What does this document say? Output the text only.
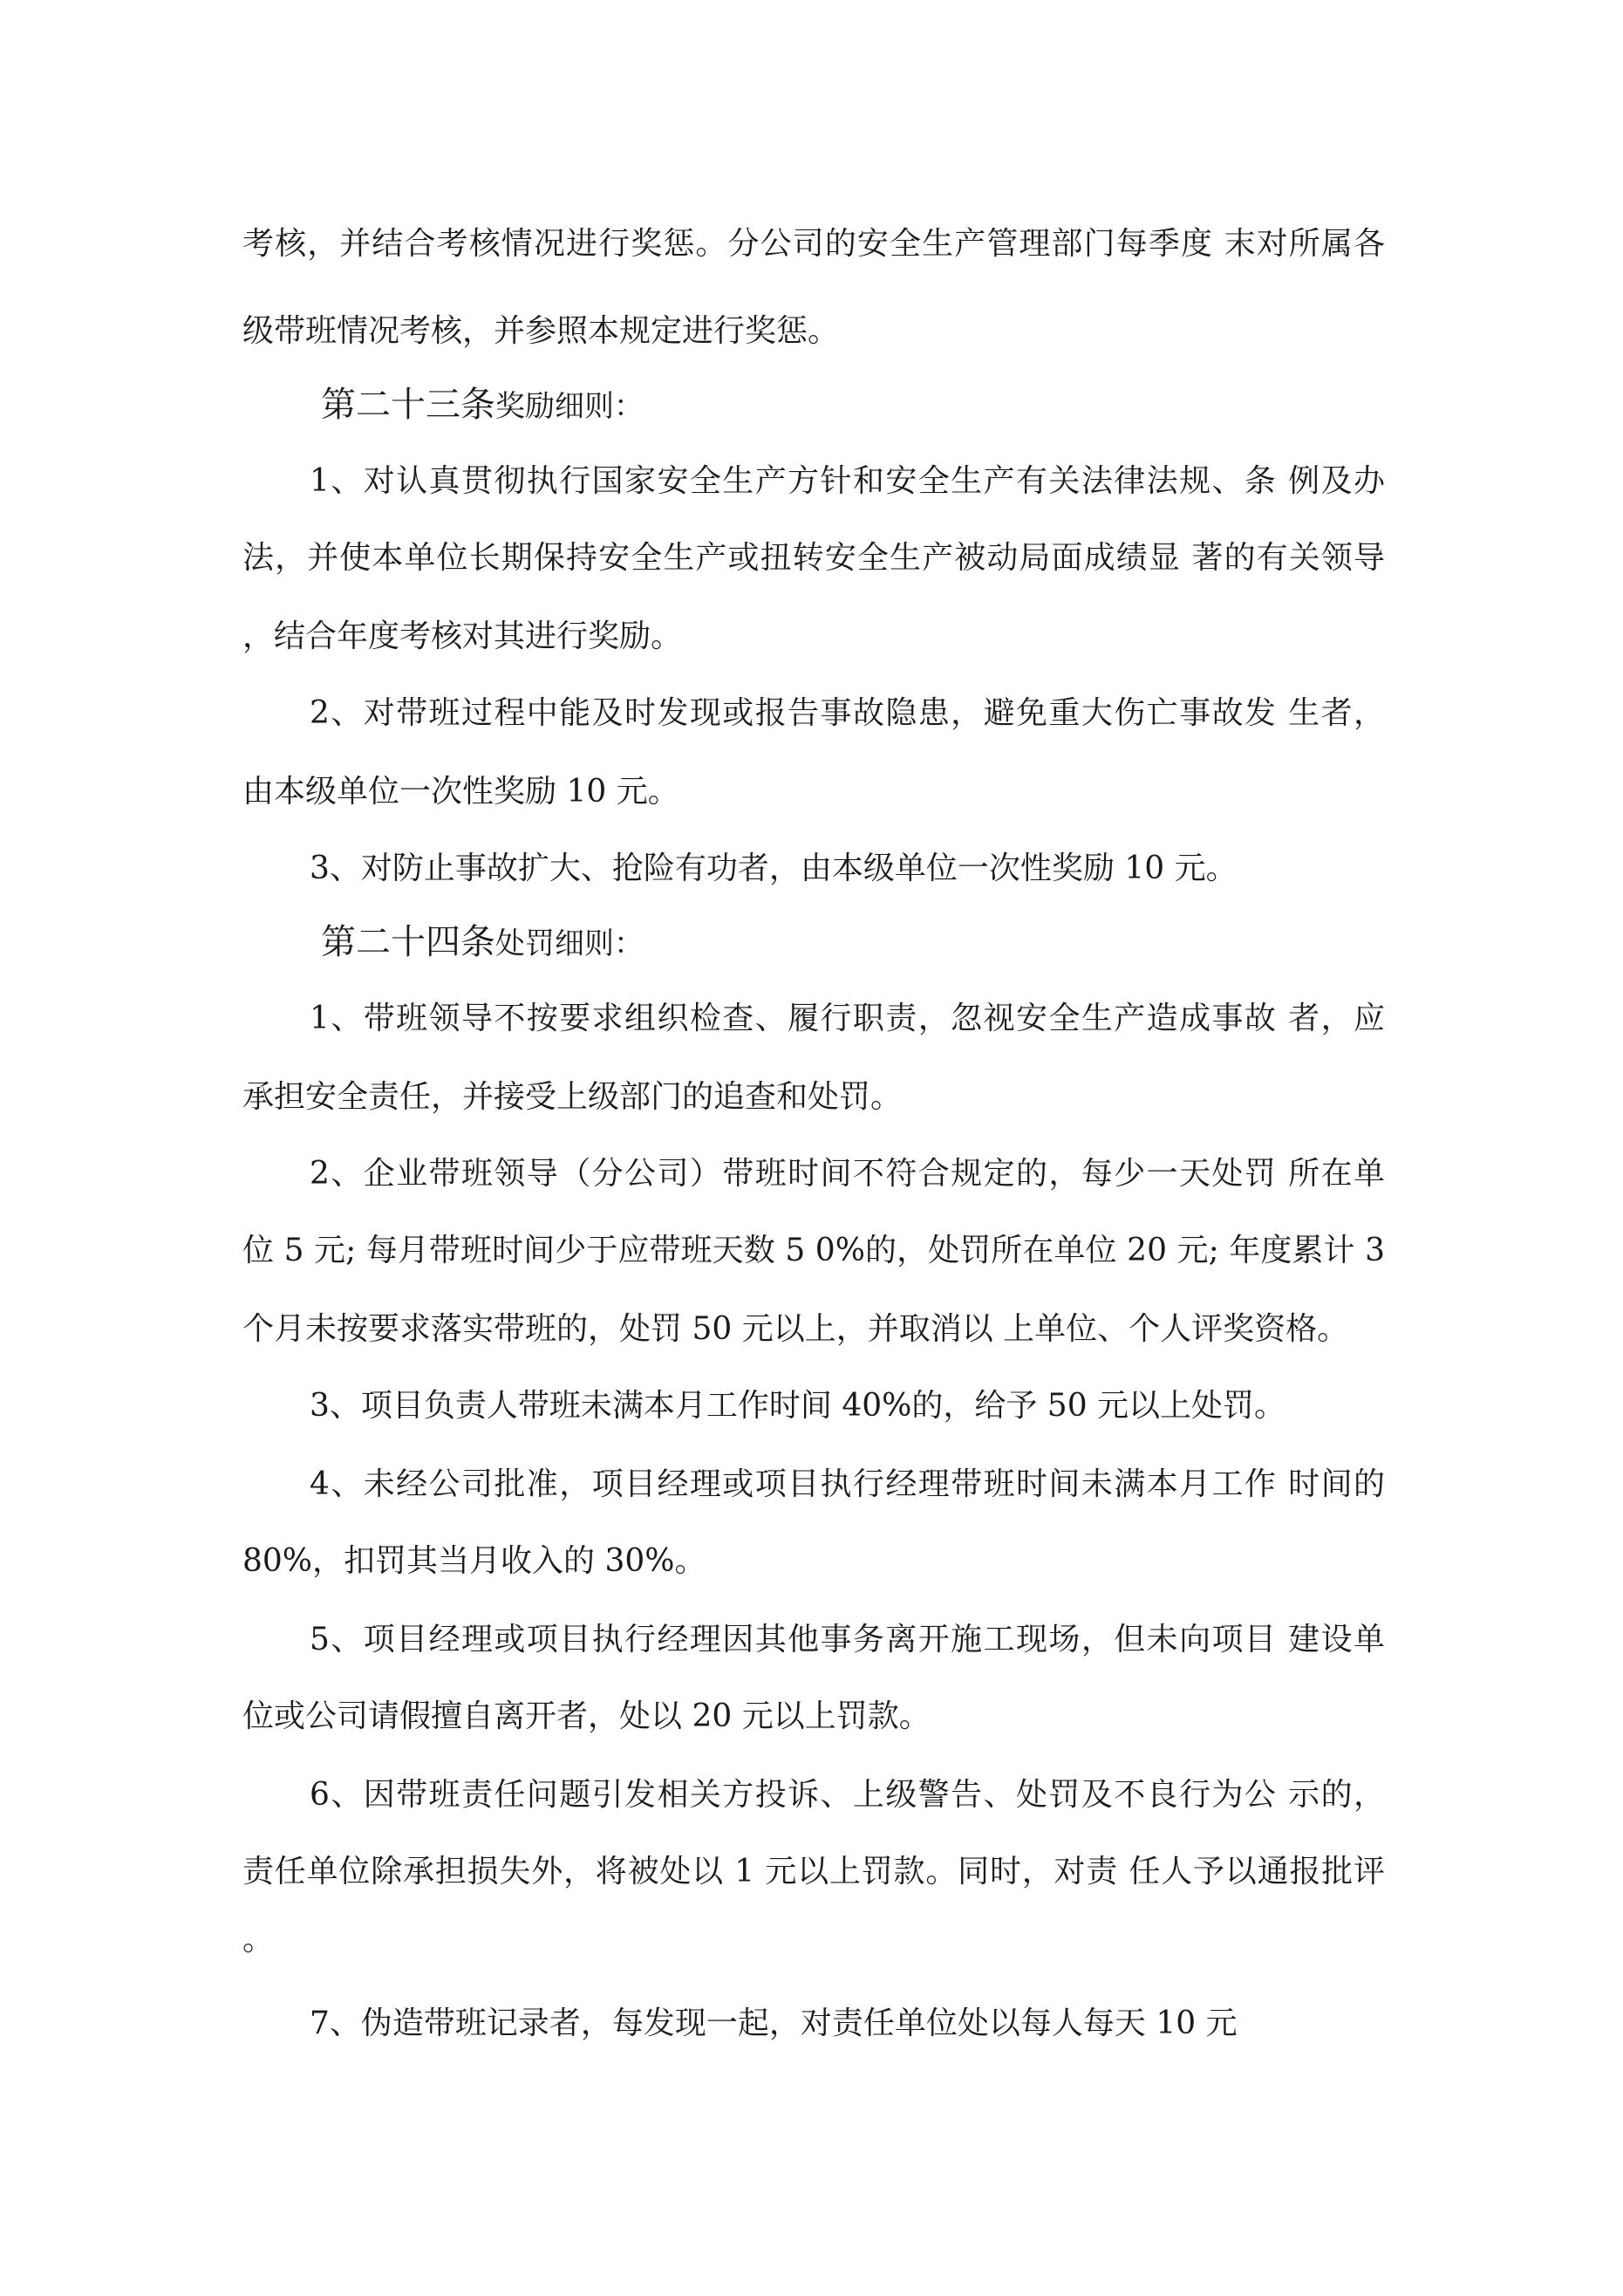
考核，并结合考核情况进行奖惩。分公司的安全生产管理部门每季度 末对所属各
级带班情况考核，并参照本规定进行奖惩。
第二十三条奖励细则：
1、对认真贯彻执行国家安全生产方针和安全生产有关法律法规、条 例及办
法，并使本单位长期保持安全生产或扭转安全生产被动局面成绩显 著的有关领导
，结合年度考核对其进行奖励。
2、对带班过程中能及时发现或报告事故隐患，避免重大伤亡事故发 生者，
由本级单位一次性奖励 10 元。
3、对防止事故扩大、抢险有功者，由本级单位一次性奖励 10 元。
第二十四条处罚细则：
1、带班领导不按要求组织检查、履行职责，忽视安全生产造成事故 者，应
承担安全责任，并接受上级部门的追查和处罚。
2、企业带班领导（分公司）带班时间不符合规定的，每少一天处罚 所在单
位 5 元; 每月带班时间少于应带班天数 5 0%的，处罚所在单位 20 元; 年度累计 3
个月未按要求落实带班的，处罚 50 元以上，并取消以 上单位、个人评奖资格。
3、项目负责人带班未满本月工作时间 40%的，给予 50 元以上处罚。
4、未经公司批准，项目经理或项目执行经理带班时间未满本月工作 时间的
80%，扣罚其当月收入的 30%。
5、项目经理或项目执行经理因其他事务离开施工现场，但未向项目 建设单
位或公司请假擅自离开者，处以 20 元以上罚款。
6、因带班责任问题引发相关方投诉、上级警告、处罚及不良行为公 示的，
责任单位除承担损失外，将被处以 1 元以上罚款。同时，对责 任人予以通报批评
。
7、伪造带班记录者，每发现一起，对责任单位处以每人每天 10 元
